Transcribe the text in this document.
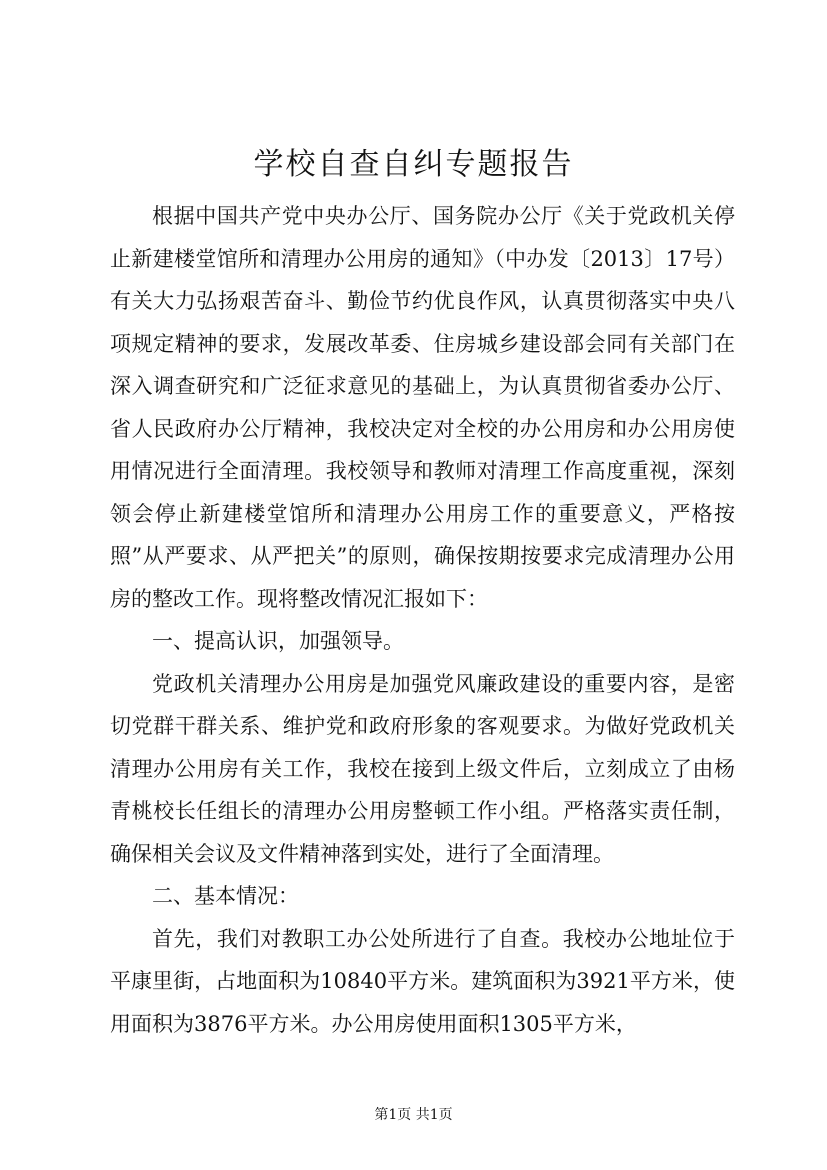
学校自查自纠专题报告

根据中国共产党中央办公厅、国务院办公厅《关于党政机关停止新建楼堂馆所和清理办公用房的通知》（中办发〔2013〕17号）有关大力弘扬艰苦奋斗、勤俭节约优良作风，认真贯彻落实中央八项规定精神的要求，发展改革委、住房城乡建设部会同有关部门在深入调查研究和广泛征求意见的基础上，为认真贯彻省委办公厅、省人民政府办公厅精神，我校决定对全校的办公用房和办公用房使用情况进行全面清理。我校领导和教师对清理工作高度重视，深刻领会停止新建楼堂馆所和清理办公用房工作的重要意义，严格按照”从严要求、从严把关”的原则，确保按期按要求完成清理办公用房的整改工作。现将整改情况汇报如下：

一、提高认识，加强领导。

党政机关清理办公用房是加强党风廉政建设的重要内容，是密切党群干群关系、维护党和政府形象的客观要求。为做好党政机关清理办公用房有关工作，我校在接到上级文件后，立刻成立了由杨青桃校长任组长的清理办公用房整顿工作小组。严格落实责任制，确保相关会议及文件精神落到实处，进行了全面清理。

二、基本情况：

首先，我们对教职工办公处所进行了自查。我校办公地址位于平康里街，占地面积为10840平方米。建筑面积为3921平方米，使用面积为3876平方米。办公用房使用面积1305平方米，

第1页 共1页
